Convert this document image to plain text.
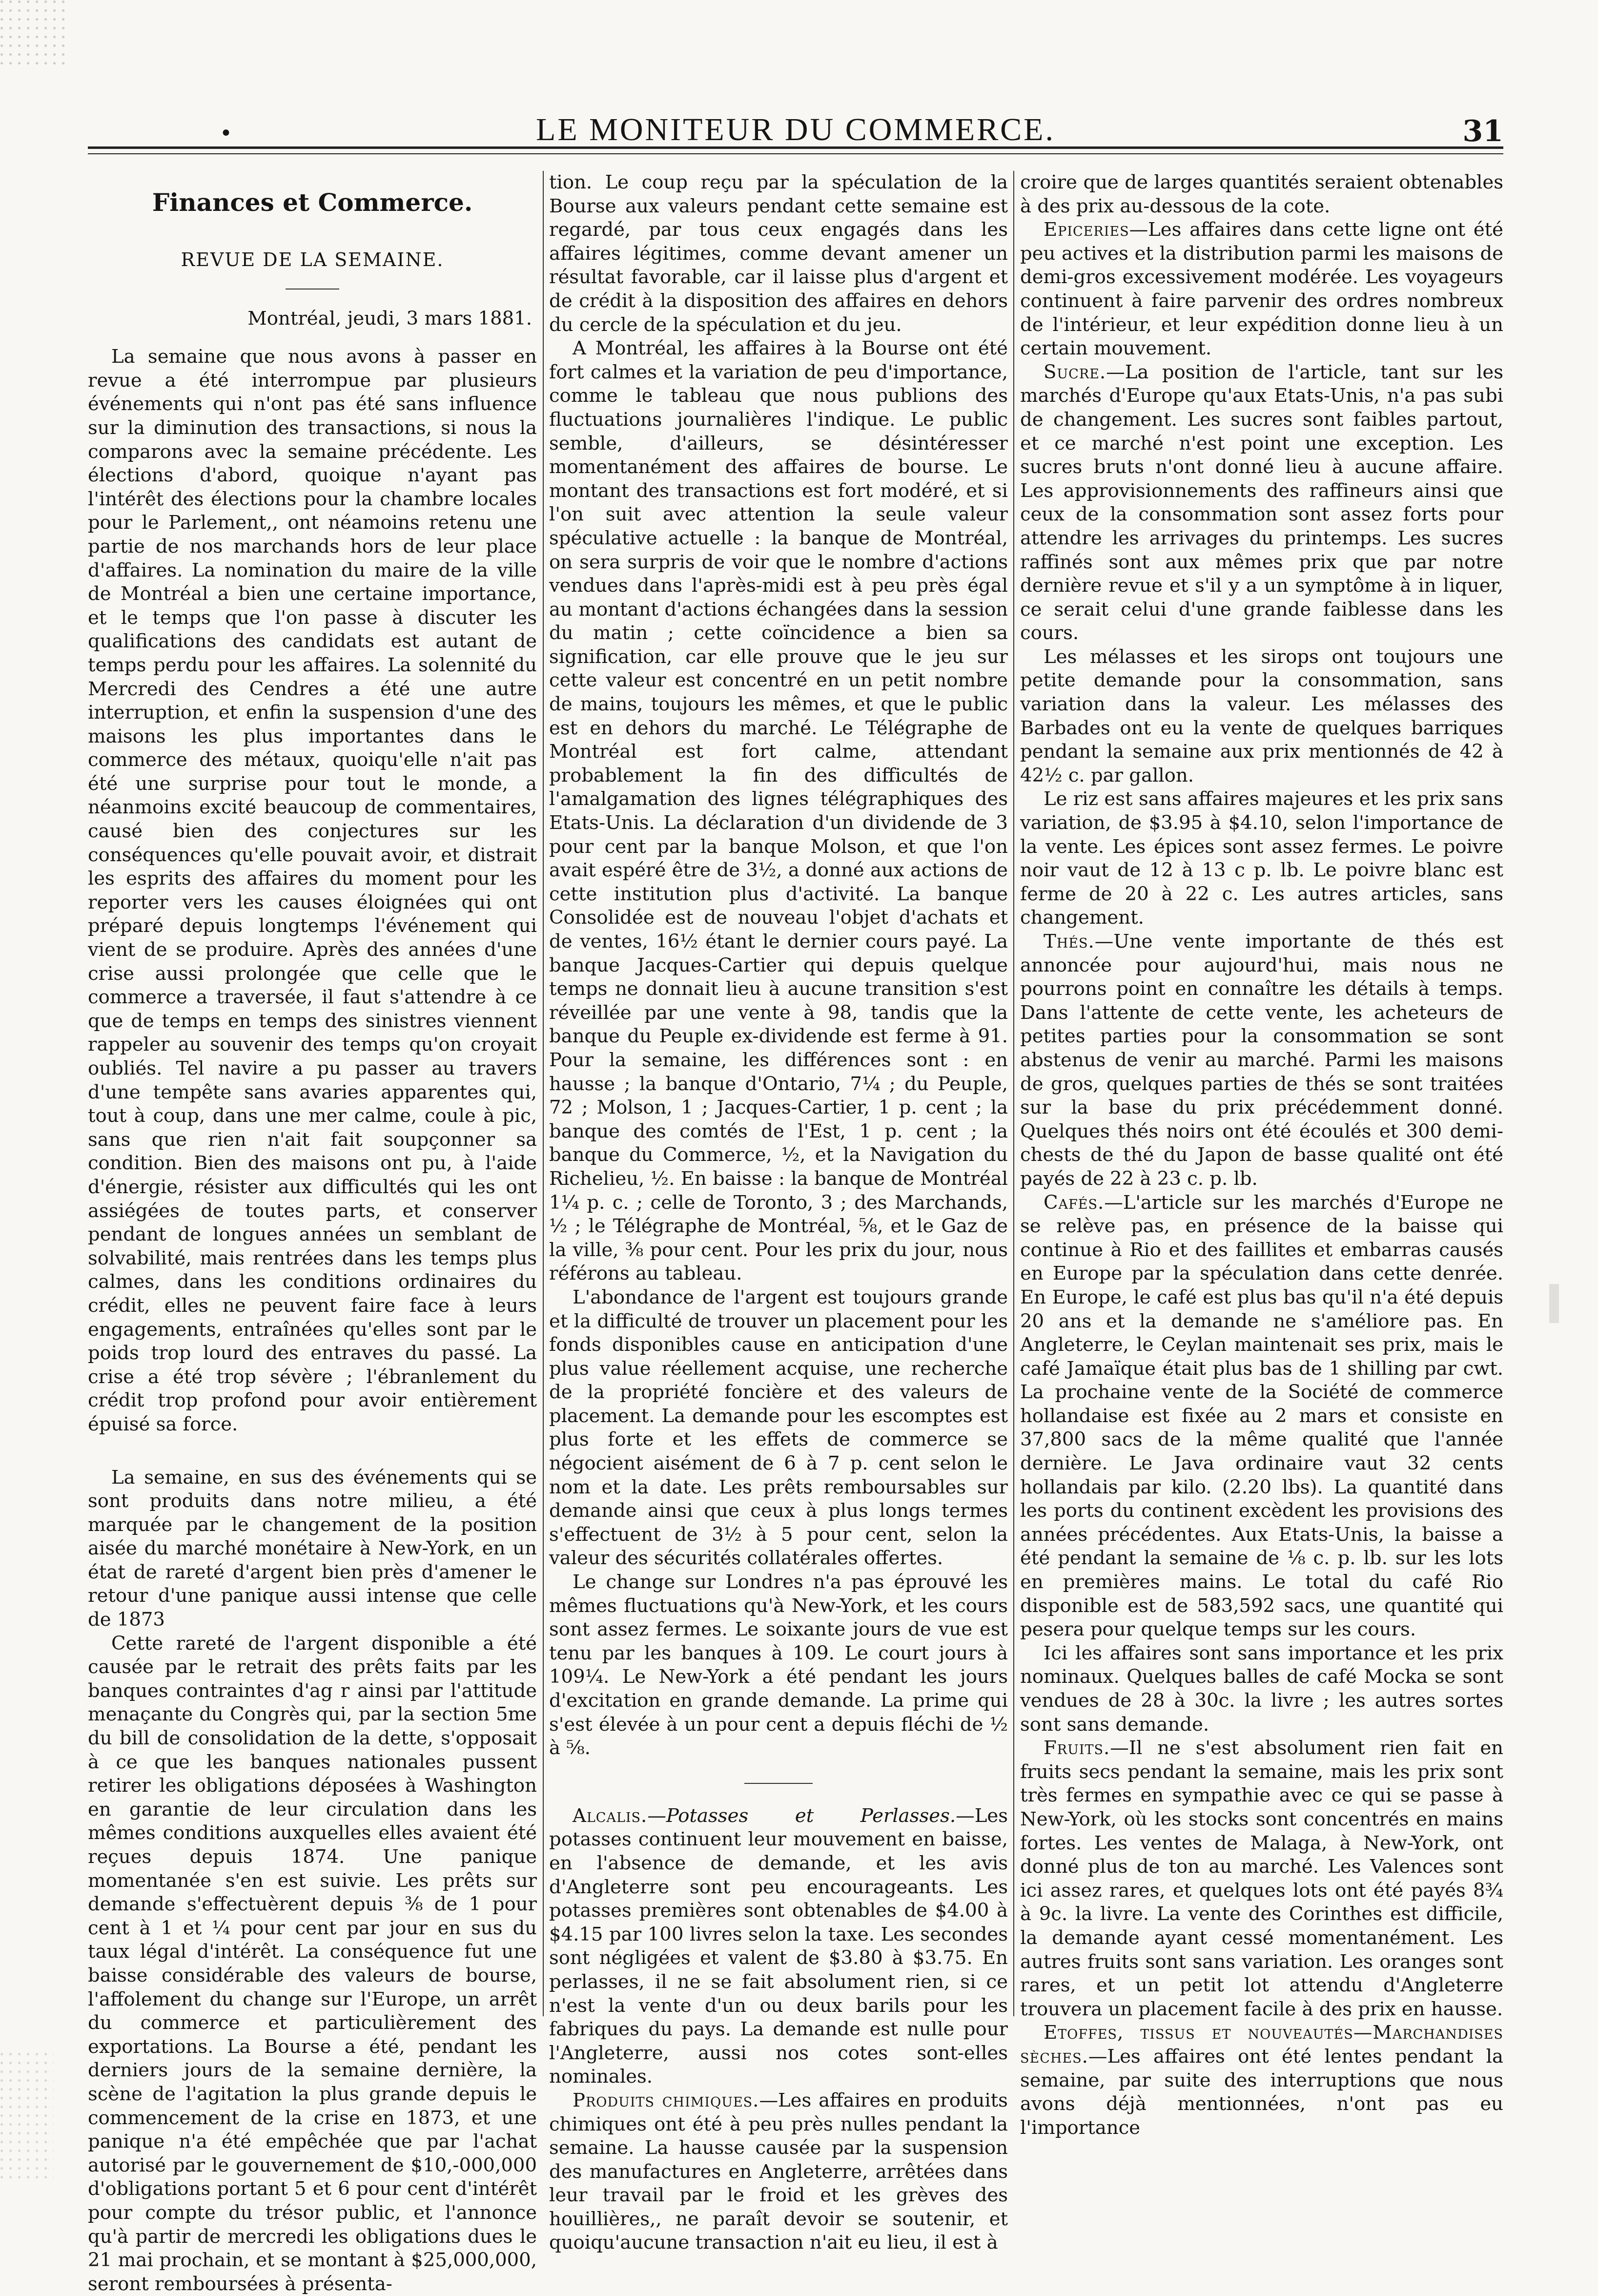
•	LE MONITEUR DU COMMERCE.	31
Finances et Commerce.
REVUE DE LA SEMAINE.

Montréal, jeudi, 3 mars 1881.

La semaine que nous avons à passer en revue a été interrompue par plusieurs événements qui n'ont pas été sans influence sur la diminution des transactions, si nous la comparons avec la semaine précédente. Les élections d'abord, quoique n'ayant pas l'intérêt des élections pour la chambre locales pour le Parlement,, ont néamoins retenu une partie de nos marchands hors de leur place d'affaires. La nomination du maire de la ville de Montréal a bien une certaine importance, et le temps que l'on passe à discuter les qualifications des candidats est autant de temps perdu pour les affaires. La solennité du Mercredi des Cendres a été une autre interruption, et enfin la suspension d'une des maisons les plus importantes dans le commerce des métaux, quoiqu'elle n'ait pas été une surprise pour tout le monde, a néanmoins excité beaucoup de commentaires, causé bien des conjectures sur les conséquences qu'elle pouvait avoir, et distrait les esprits des affaires du moment pour les reporter vers les causes éloignées qui ont préparé depuis longtemps l'événement qui vient de se produire. Après des années d'une crise aussi prolongée que celle que le commerce a traversée, il faut s'attendre à ce que de temps en temps des sinistres viennent rappeler au souvenir des temps qu'on croyait oubliés. Tel navire a pu passer au travers d'une tempête sans avaries apparentes qui, tout à coup, dans une mer calme, coule à pic, sans que rien n'ait fait soupçonner sa condition. Bien des maisons ont pu, à l'aide d'énergie, résister aux difficultés qui les ont assiégées de toutes parts, et conserver pendant de longues années un semblant de solvabilité, mais rentrées dans les temps plus calmes, dans les conditions ordinaires du crédit, elles ne peuvent faire face à leurs engagements, entraînées qu'elles sont par le poids trop lourd des entraves du passé. La crise a été trop sévère ; l'ébranlement du crédit trop profond pour avoir entièrement épuisé sa force.

La semaine, en sus des événements qui se sont produits dans notre milieu, a été marquée par le changement de la position aisée du marché monétaire à New-York, en un état de rareté d'argent bien près d'amener le retour d'une panique aussi intense que celle de 1873

Cette rareté de l'argent disponible a été causée par le retrait des prêts faits par les banques contraintes d'ag r ainsi par l'attitude menaçante du Congrès qui, par la section 5me du bill de consolidation de la dette, s'opposait à ce que les banques nationales pussent retirer les obligations déposées à Washington en garantie de leur circulation dans les mêmes conditions auxquelles elles avaient été reçues depuis 1874. Une panique momentanée s'en est suivie. Les prêts sur demande s'effectuèrent depuis ⅜ de 1 pour cent à 1 et ¼ pour cent par jour en sus du taux légal d'intérêt. La conséquence fut une baisse considérable des valeurs de bourse, l'affolement du change sur l'Europe, un arrêt du commerce et particulièrement des exportations. La Bourse a été, pendant les derniers jours de la semaine dernière, la scène de l'agitation la plus grande depuis le commencement de la crise en 1873, et une panique n'a été empêchée que par l'achat autorisé par le gouvernement de $10,-000,000 d'obligations portant 5 et 6 pour cent d'intérêt pour compte du trésor public, et l'annonce qu'à partir de mercredi les obligations dues le 21 mai prochain, et se montant à $25,000,000, seront remboursées à présenta-

tion. Le coup reçu par la spéculation de la Bourse aux valeurs pendant cette semaine est regardé, par tous ceux engagés dans les affaires légitimes, comme devant amener un résultat favorable, car il laisse plus d'argent et de crédit à la disposition des affaires en dehors du cercle de la spéculation et du jeu.

A Montréal, les affaires à la Bourse ont été fort calmes et la variation de peu d'importance, comme le tableau que nous publions des fluctuations journalières l'indique. Le public semble, d'ailleurs, se désintéresser momentanément des affaires de bourse. Le montant des transactions est fort modéré, et si l'on suit avec attention la seule valeur spéculative actuelle : la banque de Montréal, on sera surpris de voir que le nombre d'actions vendues dans l'après-midi est à peu près égal au montant d'actions échangées dans la session du matin ; cette coïncidence a bien sa signification, car elle prouve que le jeu sur cette valeur est concentré en un petit nombre de mains, toujours les mêmes, et que le public est en dehors du marché. Le Télégraphe de Montréal est fort calme, attendant probablement la fin des difficultés de l'amalgamation des lignes télégraphiques des Etats-Unis. La déclaration d'un dividende de 3 pour cent par la banque Molson, et que l'on avait espéré être de 3½, a donné aux actions de cette institution plus d'activité. La banque Consolidée est de nouveau l'objet d'achats et de ventes, 16½ étant le dernier cours payé. La banque Jacques-Cartier qui depuis quelque temps ne donnait lieu à aucune transition s'est réveillée par une vente à 98, tandis que la banque du Peuple ex-dividende est ferme à 91. Pour la semaine, les différences sont : en hausse ; la banque d'Ontario, 7¼ ; du Peuple, 72 ; Molson, 1 ; Jacques-Cartier, 1 p. cent ; la banque des comtés de l'Est, 1 p. cent ; la banque du Commerce, ½, et la Navigation du Richelieu, ½. En baisse : la banque de Montréal 1¼ p. c. ; celle de Toronto, 3 ; des Marchands, ½ ; le Télégraphe de Montréal, ⅝, et le Gaz de la ville, ⅜ pour cent. Pour les prix du jour, nous référons au tableau.

L'abondance de l'argent est toujours grande et la difficulté de trouver un placement pour les fonds disponibles cause en anticipation d'une plus value réellement acquise, une recherche de la propriété foncière et des valeurs de placement. La demande pour les escomptes est plus forte et les effets de commerce se négocient aisément de 6 à 7 p. cent selon le nom et la date. Les prêts remboursables sur demande ainsi que ceux à plus longs termes s'effectuent de 3½ à 5 pour cent, selon la valeur des sécurités collatérales offertes.

Le change sur Londres n'a pas éprouvé les mêmes fluctuations qu'à New-York, et les cours sont assez fermes. Le soixante jours de vue est tenu par les banques à 109. Le court jours à 109¼. Le New-York a été pendant les jours d'excitation en grande demande. La prime qui s'est élevée à un pour cent a depuis fléchi de ½ à ⅝.

Alcalis.—Potasses et Perlasses.—Les potasses continuent leur mouvement en baisse, en l'absence de demande, et les avis d'Angleterre sont peu encourageants. Les potasses premières sont obtenables de $4.00 à $4.15 par 100 livres selon la taxe. Les secondes sont négligées et valent de $3.80 à $3.75. En perlasses, il ne se fait absolument rien, si ce n'est la vente d'un ou deux barils pour les fabriques du pays. La demande est nulle pour l'Angleterre, aussi nos cotes sont-elles nominales.

Produits chimiques.—Les affaires en produits chimiques ont été à peu près nulles pendant la semaine. La hausse causée par la suspension des manufactures en Angleterre, arrêtées dans leur travail par le froid et les grèves des houillières,, ne paraît devoir se soutenir, et quoiqu'aucune transaction n'ait eu lieu, il est à

croire que de larges quantités seraient obtenables à des prix au-dessous de la cote.

Epiceries—Les affaires dans cette ligne ont été peu actives et la distribution parmi les maisons de demi-gros excessivement modérée. Les voyageurs continuent à faire parvenir des ordres nombreux de l'intérieur, et leur expédition donne lieu à un certain mouvement.

Sucre.—La position de l'article, tant sur les marchés d'Europe qu'aux Etats-Unis, n'a pas subi de changement. Les sucres sont faibles partout, et ce marché n'est point une exception. Les sucres bruts n'ont donné lieu à aucune affaire. Les approvisionnements des raffineurs ainsi que ceux de la consommation sont assez forts pour attendre les arrivages du printemps. Les sucres raffinés sont aux mêmes prix que par notre dernière revue et s'il y a un symptôme à in liquer, ce serait celui d'une grande faiblesse dans les cours.

Les mélasses et les sirops ont toujours une petite demande pour la consommation, sans variation dans la valeur. Les mélasses des Barbades ont eu la vente de quelques barriques pendant la semaine aux prix mentionnés de 42 à 42½ c. par gallon.

Le riz est sans affaires majeures et les prix sans variation, de $3.95 à $4.10, selon l'importance de la vente. Les épices sont assez fermes. Le poivre noir vaut de 12 à 13 c p. lb. Le poivre blanc est ferme de 20 à 22 c. Les autres articles, sans changement.

Thés.—Une vente importante de thés est annoncée pour aujourd'hui, mais nous ne pourrons point en connaître les détails à temps. Dans l'attente de cette vente, les acheteurs de petites parties pour la consommation se sont abstenus de venir au marché. Parmi les maisons de gros, quelques parties de thés se sont traitées sur la base du prix précédemment donné. Quelques thés noirs ont été écoulés et 300 demi-chests de thé du Japon de basse qualité ont été payés de 22 à 23 c. p. lb.

Cafés.—L'article sur les marchés d'Europe ne se relève pas, en présence de la baisse qui continue à Rio et des faillites et embarras causés en Europe par la spéculation dans cette denrée. En Europe, le café est plus bas qu'il n'a été depuis 20 ans et la demande ne s'améliore pas. En Angleterre, le Ceylan maintenait ses prix, mais le café Jamaïque était plus bas de 1 shilling par cwt. La prochaine vente de la Société de commerce hollandaise est fixée au 2 mars et consiste en 37,800 sacs de la même qualité que l'année dernière. Le Java ordinaire vaut 32 cents hollandais par kilo. (2.20 lbs). La quantité dans les ports du continent excèdent les provisions des années précédentes. Aux Etats-Unis, la baisse a été pendant la semaine de ⅛ c. p. lb. sur les lots en premières mains. Le total du café Rio disponible est de 583,592 sacs, une quantité qui pesera pour quelque temps sur les cours.

Ici les affaires sont sans importance et les prix nominaux. Quelques balles de café Mocka se sont vendues de 28 à 30c. la livre ; les autres sortes sont sans demande.

Fruits.—Il ne s'est absolument rien fait en fruits secs pendant la semaine, mais les prix sont très fermes en sympathie avec ce qui se passe à New-York, où les stocks sont concentrés en mains fortes. Les ventes de Malaga, à New-York, ont donné plus de ton au marché. Les Valences sont ici assez rares, et quelques lots ont été payés 8¾ à 9c. la livre. La vente des Corinthes est difficile, la demande ayant cessé momentanément. Les autres fruits sont sans variation. Les oranges sont rares, et un petit lot attendu d'Angleterre trouvera un placement facile à des prix en hausse.

Etoffes, tissus et nouveautés—Marchandises sèches.—Les affaires ont été lentes pendant la semaine, par suite des interruptions que nous avons déjà mentionnées, n'ont pas eu l'importance
